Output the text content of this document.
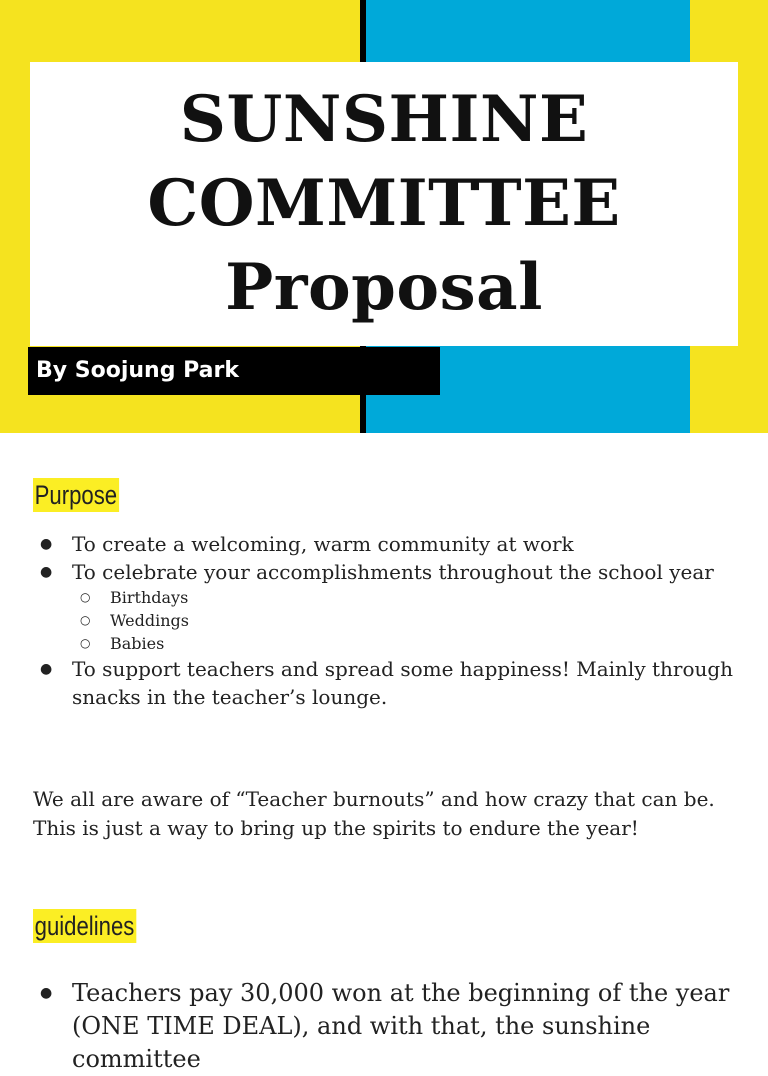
SUNSHINE
COMMITTEE
Proposal
By Soojung Park
Purpose
● To create a welcoming, warm community at work
● To celebrate your accomplishments throughout the school year
○ Birthdays
○ Weddings
○ Babies
● To support teachers and spread some happiness! Mainly through snacks in the teacher’s lounge.

We all are aware of “Teacher burnouts” and how crazy that can be. This is just a way to bring up the spirits to endure the year!

guidelines
● Teachers pay 30,000 won at the beginning of the year (ONE TIME DEAL), and with that, the sunshine committee
